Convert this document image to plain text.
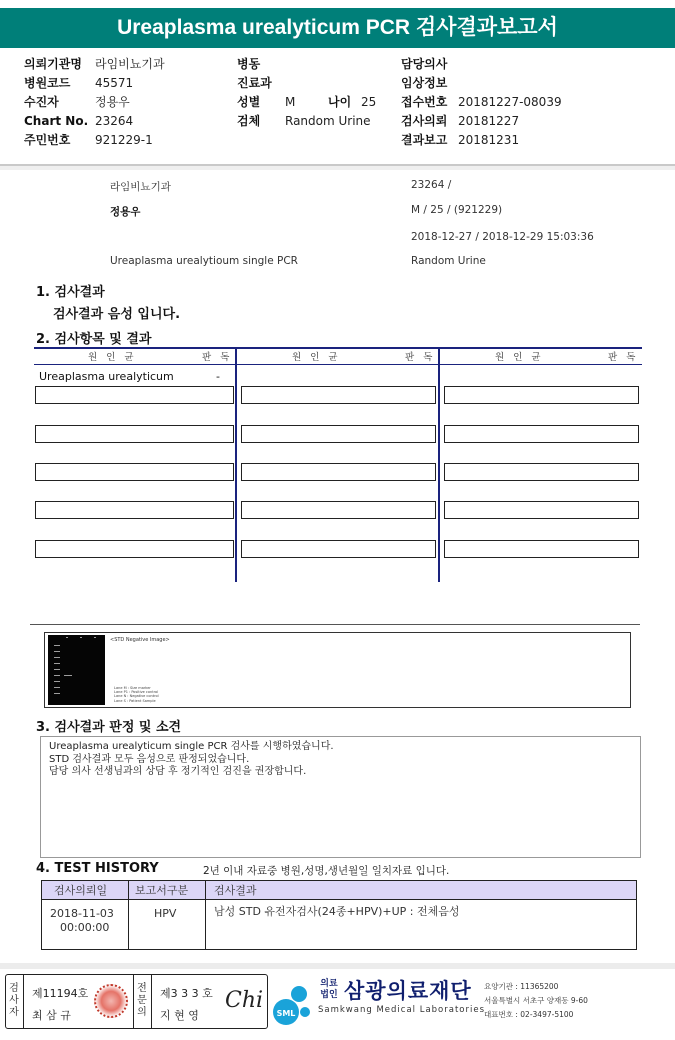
Ureaplasma urealyticum PCR 검사결과보고서
의뢰기관명	라임비뇨기과
병원코드	45571
수진자	정용우
Chart No. 23264
주민번호	921229-1
병동
진료과
성별	M	나이 25
검체	Random Urine
담당의사
임상정보
접수번호 20181227-08039
검사의뢰 20181227
결과보고 20181231
라임비뇨기과	23264 /
정용우	M / 25 / (921229)
2018-12-27 / 2018-12-29 15:03:36
Ureaplasma urealytioum single PCR	Random Urine
1. 검사결과
검사결과 음성 입니다.
2. 검사항목 및 결과
원 인 균	판 독	원 인 균	판 독	원 인 균	판 독
Ureaplasma urealyticum	-
<STD Negative Image>
Lane M : Size marker
Lane P1 : Positive control
Lane N : Negative control
Lane S : Patient Sample
3. 검사결과 판정 및 소견
Ureaplasma urealyticum single PCR 검사를 시행하였습니다.
STD 검사결과 모두 음성으로 판정되었습니다.
담당 의사 선생님과의 상담 후 정기적인 검진을 권장합니다.
4. TEST HISTORY	2년 이내 자료중 병원,성명,생년월일 일치자료 입니다.
검사의뢰일	보고서구분 검사결과
2018-11-03
00:00:00
HPV	남성 STD 유전자검사(24종+HPV)+UP : 전체음성
검
사
자
제11194호
최 삼 규
전
문
의
제3 3 3 호
지 현 영
Chi
SML
의료
법인 삼광의료재단
Samkwang Medical Laboratories
요양기관 : 11365200
서울특별시 서초구 양재동 9-60
대표번호 : 02-3497-5100
